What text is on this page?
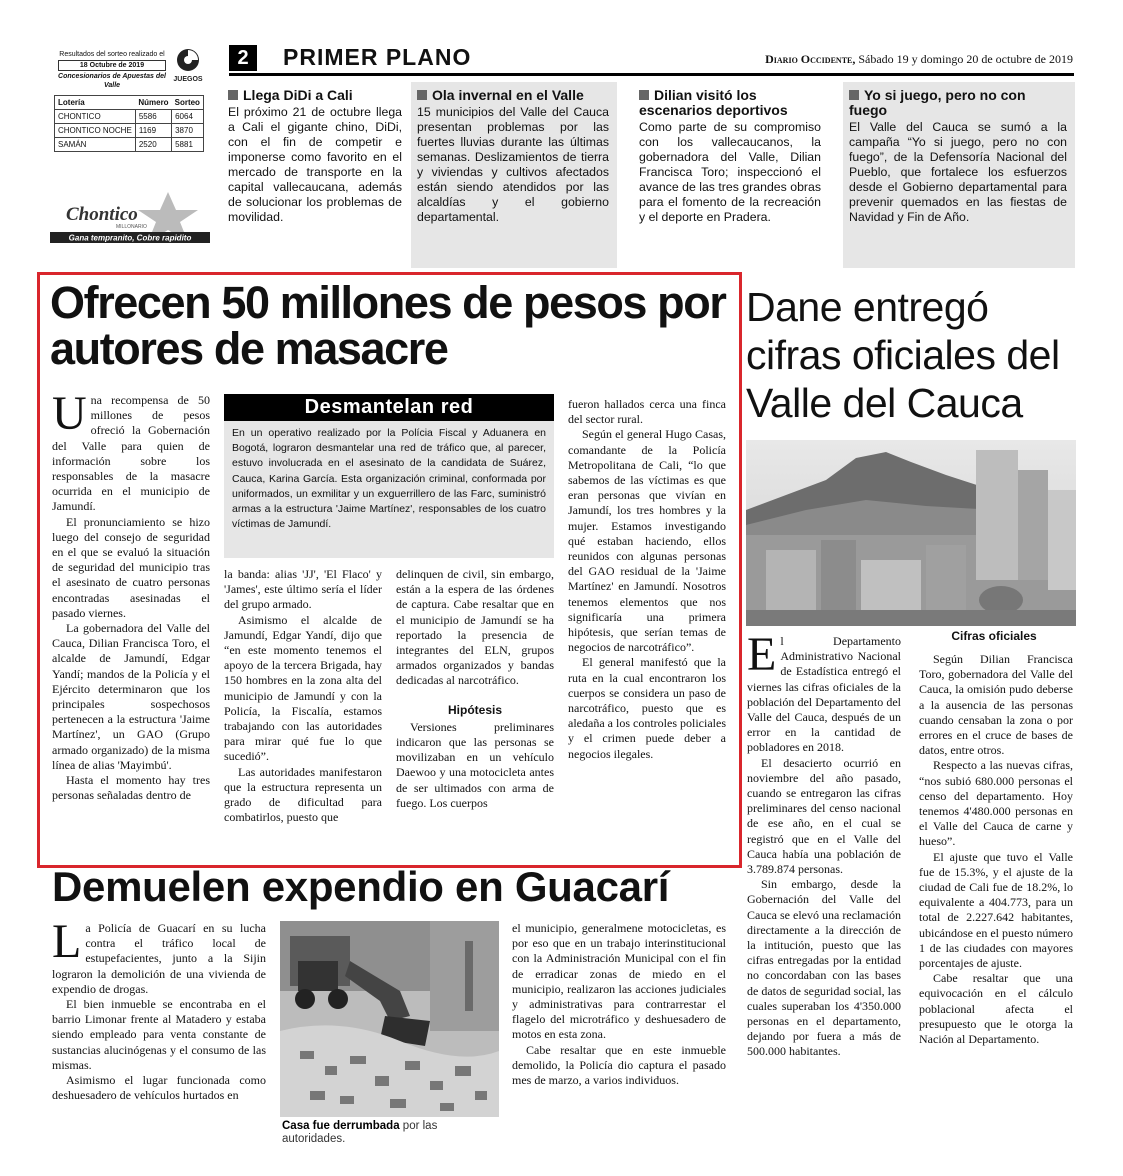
Resultados del sorteo realizado el
18 Octubre de 2019
Concesionarios de Apuestas del Valle
JUEGOS
Lotería	Número	Sorteo
CHONTICO	5586	6064
CHONTICO NOCHE	1169	3870
SAMÁN	2520	5881
Chontico
MILLONARIO
Gana tempranito, Cobre rapidito
2	PRIMER PLANO	Diario Occidente, Sábado 19 y domingo 20 de octubre de 2019
Llega DiDi a Cali

El próximo 21 de octubre llega a Cali el gigante chino, DiDi, con el fin de competir e imponerse como favorito en el mercado de transporte en la capital vallecaucana, además de solucionar los problemas de movilidad.

Ola invernal en el Valle

15 municipios del Valle del Cauca presentan problemas por las fuertes lluvias durante las últimas semanas. Deslizamientos de tierra y viviendas y cultivos afectados están siendo atendidos por las alcaldías y el gobierno departamental.

Dilian visitó los escenarios deportivos

Como parte de su compromiso con los vallecaucanos, la gobernadora del Valle, Dilian Francisca Toro; inspeccionó el avance de las tres grandes obras para el fomento de la recreación y el deporte en Pradera.

Yo si juego, pero no con fuego

El Valle del Cauca se sumó a la campaña “Yo si juego, pero no con fuego”, de la Defensoría Nacional del Pueblo, que fortalece los esfuerzos desde el Gobierno departamental para prevenir quemados en las fiestas de Navidad y Fin de Año.

Ofrecen 50 millones de pesos por autores de masacre

Una recompensa de 50 millones de pesos ofreció la Gobernación del Valle para quien de información sobre los responsables de la masacre ocurrida en el municipio de Jamundí.

El pronunciamiento se hizo luego del consejo de seguridad en el que se evaluó la situación de seguridad del municipio tras el asesinato de cuatro personas encontradas asesinadas el pasado viernes.

La gobernadora del Valle del Cauca, Dilian Francisca Toro, el alcalde de Jamundí, Edgar Yandí; mandos de la Policía y el Ejército determinaron que los principales sospechosos pertenecen a la estructura 'Jaime Martínez', un GAO (Grupo armado organizado) de la misma línea de alias 'Mayimbú'.

Hasta el momento hay tres personas señaladas dentro de

Desmantelan red

En un operativo realizado por la Polícia Fiscal y Aduanera en Bogotá, lograron desmantelar una red de tráfico que, al parecer, estuvo involucrada en el asesinato de la candidata de Suárez, Cauca, Karina García. Esta organización criminal, conformada por uniformados, un exmilitar y un exguerrillero de las Farc, suministró armas a la estructura 'Jaime Martínez', responsables de los cuatro víctimas de Jamundí.

la banda: alias 'JJ', 'El Flaco' y 'James', este último sería el líder del grupo armado.

Asimismo el alcalde de Jamundí, Edgar Yandí, dijo que “en este momento tenemos el apoyo de la tercera Brigada, hay 150 hombres en la zona alta del municipio de Jamundí y con la Policía, la Fiscalía, estamos trabajando con las autoridades para mirar qué fue lo que sucedió”.

Las autoridades manifestaron que la estructura representa un grado de dificultad para combatirlos, puesto que

delinquen de civil, sin embargo, están a la espera de las órdenes de captura. Cabe resaltar que en el municipio de Jamundí se ha reportado la presencia de integrantes del ELN, grupos armados organizados y bandas dedicadas al narcotráfico.

Hipótesis

Versiones preliminares indicaron que las personas se movilizaban en un vehículo Daewoo y una motocicleta antes de ser ultimados con arma de fuego. Los cuerpos

fueron hallados cerca una finca del sector rural.

Según el general Hugo Casas, comandante de la Policía Metropolitana de Cali, “lo que sabemos de las víctimas es que eran personas que vivían en Jamundí, los tres hombres y la mujer. Estamos investigando qué estaban haciendo, ellos reunidos con algunas personas del GAO residual de la 'Jaime Martínez' en Jamundí. Nosotros tenemos elementos que nos significaría una primera hipótesis, que serían temas de negocios de narcotráfico”.

El general manifestó que la ruta en la cual encontraron los cuerpos se considera un paso de narcotráfico, puesto que es aledaña a los controles policiales y el crimen puede deber a negocios ilegales.

Dane entregó cifras oficiales del Valle del Cauca
Cifras oficiales

El Departamento Administrativo Nacional de Estadística entregó el viernes las cifras oficiales de la población del Departamento del Valle del Cauca, después de un error en la cantidad de pobladores en 2018.

El desacierto ocurrió en noviembre del año pasado, cuando se entregaron las cifras preliminares del censo nacional de ese año, en el cual se registró que en el Valle del Cauca había una población de 3.789.874 personas.

Sin embargo, desde la Gobernación del Valle del Cauca se elevó una reclamación directamente a la dirección de la intitución, puesto que las cifras entregadas por la entidad no concordaban con las bases de datos de seguridad social, las cuales superaban los 4'350.000 personas en el departamento, dejando por fuera a más de 500.000 habitantes.

Según Dilian Francisca Toro, gobernadora del Valle del Cauca, la omisión pudo deberse a la ausencia de las personas cuando censaban la zona o por errores en el cruce de bases de datos, entre otros.

Respecto a las nuevas cifras, “nos subió 680.000 personas el censo del departamento. Hoy tenemos 4'480.000 personas en el Valle del Cauca de carne y hueso”.

El ajuste que tuvo el Valle fue de 15.3%, y el ajuste de la ciudad de Cali fue de 18.2%, lo equivalente a 404.773, para un total de 2.227.642 habitantes, ubicándose en el puesto número 1 de las ciudades con mayores porcentajes de ajuste.

Cabe resaltar que una equivocación en el cálculo poblacional afecta el presupuesto que le otorga la Nación al Departamento.

Demuelen expendio en Guacarí

La Policía de Guacarí en su lucha contra el tráfico local de estupefacientes, junto a la Sijin lograron la demolición de una vivienda de expendio de drogas.

El bien inmueble se encontraba en el barrio Limonar frente al Matadero y estaba siendo empleado para venta constante de sustancias alucinógenas y el consumo de las mismas.

Asimismo el lugar funcionada como deshuesadero de vehículos hurtados en

Casa fue derrumbada por las autoridades.

el municipio, generalmene motocicletas, es por eso que en un trabajo interinstitucional con la Administración Municipal con el fin de erradicar zonas de miedo en el municipio, realizaron las acciones judiciales y administrativas para contrarrestar el flagelo del microtráfico y deshuesadero de motos en esta zona.

Cabe resaltar que en este inmueble demolido, la Policía dio captura el pasado mes de marzo, a varios individuos.
